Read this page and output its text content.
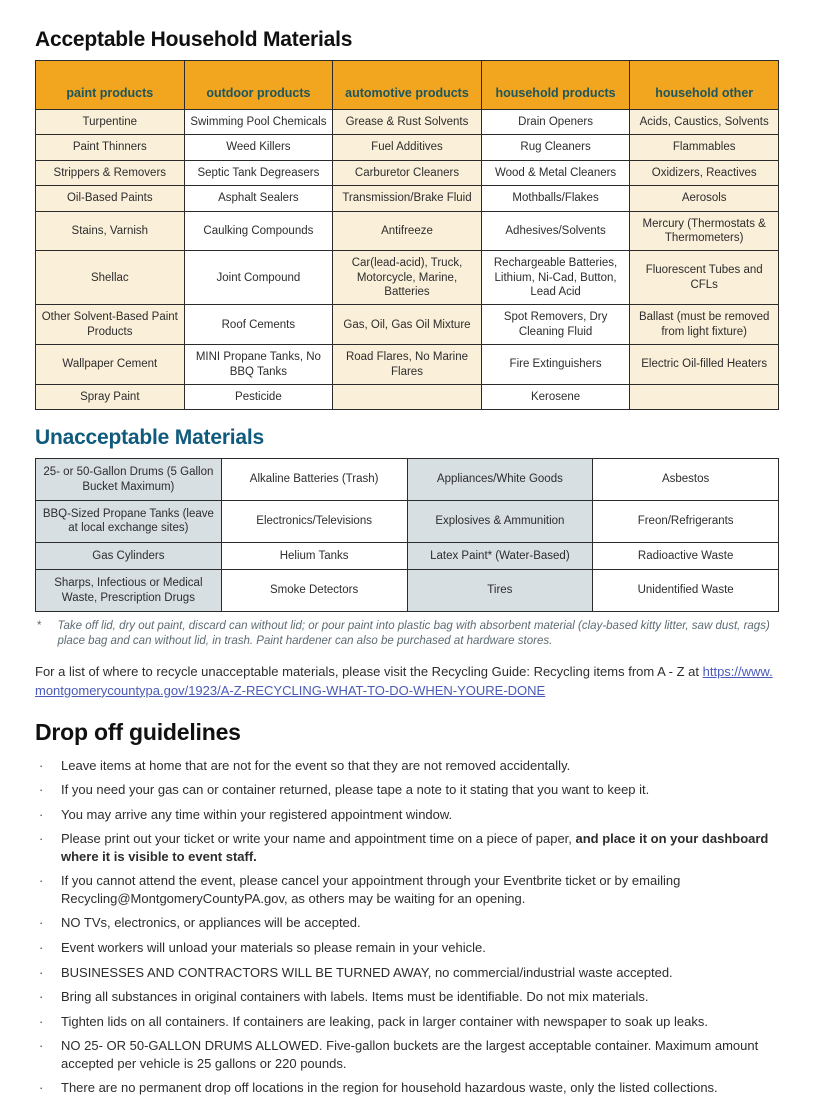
Acceptable Household Materials
paint products	outdoor products	automotive products	household products	household other
Turpentine	Swimming Pool Chemicals	Grease & Rust Solvents	Drain Openers	Acids, Caustics, Solvents
Paint Thinners	Weed Killers	Fuel Additives	Rug Cleaners	Flammables
Strippers & Removers	Septic Tank Degreasers	Carburetor Cleaners	Wood & Metal Cleaners	Oxidizers, Reactives
Oil-Based Paints	Asphalt Sealers	Transmission/Brake Fluid	Mothballs/Flakes	Aerosols
Stains, Varnish	Caulking Compounds	Antifreeze	Adhesives/Solvents	Mercury (Thermostats & Thermometers)
Shellac	Joint Compound	Car(lead-acid), Truck, Motorcycle, Marine, Batteries	Rechargeable Batteries, Lithium, Ni-Cad, Button, Lead Acid	Fluorescent Tubes and CFLs
Other Solvent-Based Paint Products	Roof Cements	Gas, Oil, Gas Oil Mixture	Spot Removers, Dry Cleaning Fluid	Ballast (must be removed from light fixture)
Wallpaper Cement	MINI Propane Tanks, No BBQ Tanks	Road Flares, No Marine Flares	Fire Extinguishers	Electric Oil-filled Heaters
Spray Paint	Pesticide		Kerosene	
Unacceptable Materials
25- or 50-Gallon Drums (5 Gallon Bucket Maximum)	Alkaline Batteries (Trash)	Appliances/White Goods	Asbestos
BBQ-Sized Propane Tanks (leave at local exchange sites)	Electronics/Televisions	Explosives & Ammunition	Freon/Refrigerants
Gas Cylinders	Helium Tanks	Latex Paint* (Water-Based)	Radioactive Waste
Sharps, Infectious or Medical Waste, Prescription Drugs	Smoke Detectors	Tires	Unidentified Waste
* Take off lid, dry out paint, discard can without lid; or pour paint into plastic bag with absorbent material (clay-based kitty litter, saw dust, rags) place bag and can without lid, in trash. Paint hardener can also be purchased at hardware stores.

For a list of where to recycle unacceptable materials, please visit the Recycling Guide: Recycling items from A - Z at https://www.montgomerycountypa.gov/1923/A-Z-RECYCLING-WHAT-TO-DO-WHEN-YOURE-DONE

Drop off guidelines
·	Leave items at home that are not for the event so that they are not removed accidentally.
·	If you need your gas can or container returned, please tape a note to it stating that you want to keep it.
·	You may arrive any time within your registered appointment window.
·	Please print out your ticket or write your name and appointment time on a piece of paper, and place it on your dashboard where it is visible to event staff.
·	If you cannot attend the event, please cancel your appointment through your Eventbrite ticket or by emailing Recycling@MontgomeryCountyPA.gov, as others may be waiting for an opening.
·	NO TVs, electronics, or appliances will be accepted.
·	Event workers will unload your materials so please remain in your vehicle.
·	BUSINESSES AND CONTRACTORS WILL BE TURNED AWAY, no commercial/industrial waste accepted.
·	Bring all substances in original containers with labels. Items must be identifiable. Do not mix materials.
·	Tighten lids on all containers. If containers are leaking, pack in larger container with newspaper to soak up leaks.
·	NO 25- OR 50-GALLON DRUMS ALLOWED. Five-gallon buckets are the largest acceptable container. Maximum amount accepted per vehicle is 25 gallons or 220 pounds.
·	There are no permanent drop off locations in the region for household hazardous waste, only the listed collections.
